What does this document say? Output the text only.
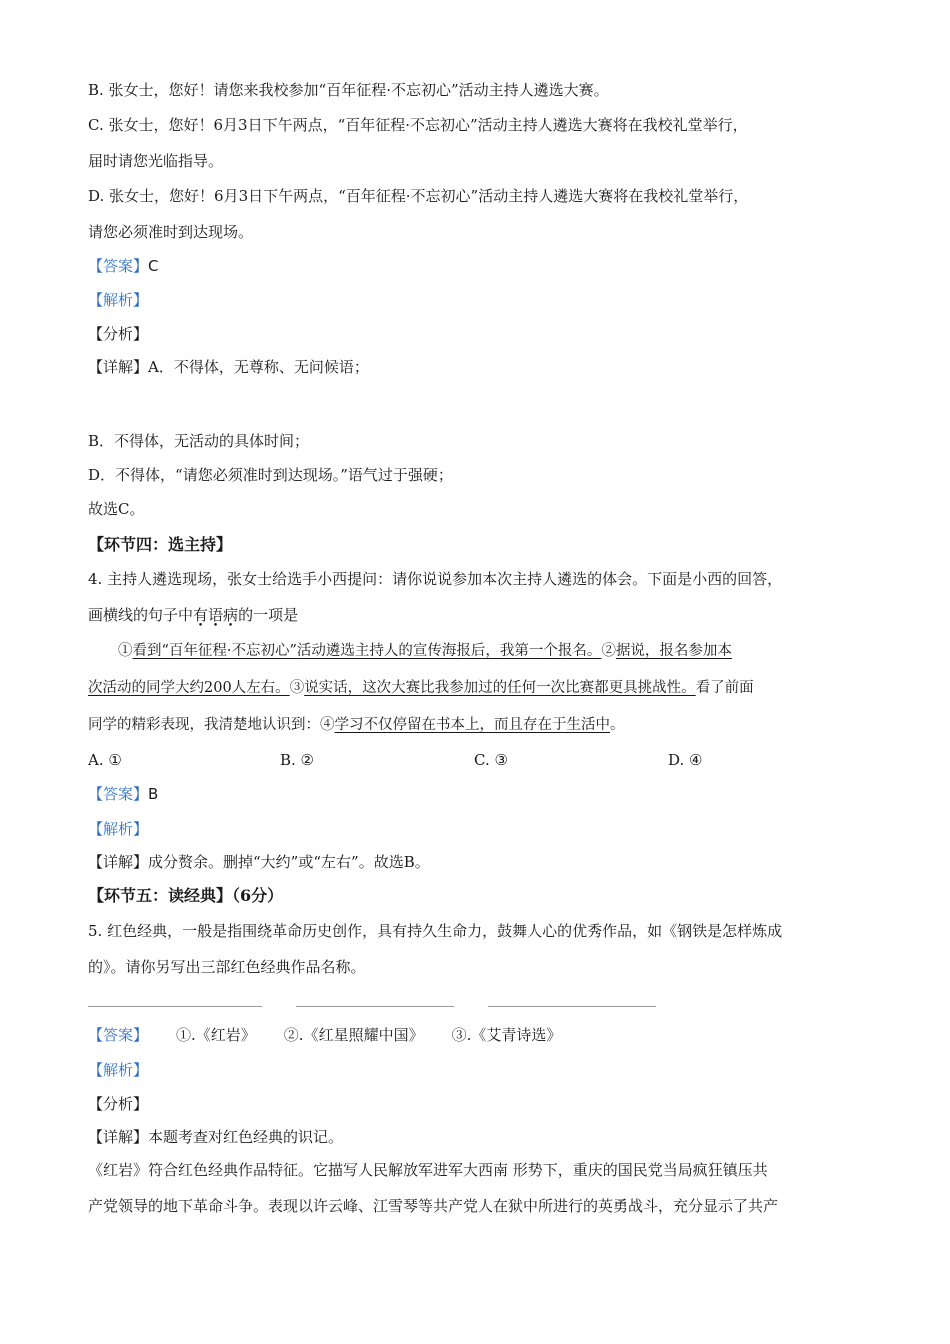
B. 张女士，您好！请您来我校参加“百年征程·不忘初心”活动主持人遴选大赛。
C. 张女士，您好！6月3日下午两点，“百年征程·不忘初心”活动主持人遴选大赛将在我校礼堂举行，
届时请您光临指导。
D. 张女士，您好！6月3日下午两点，“百年征程·不忘初心”活动主持人遴选大赛将在我校礼堂举行，
请您必须准时到达现场。
【答案】C
【解析】
【分析】
【详解】A．不得体，无尊称、无问候语；
B．不得体，无活动的具体时间；
D．不得体，“请您必须准时到达现场。”语气过于强硬；
故选C。
【环节四：选主持】
4. 主持人遴选现场，张女士给选手小西提问：请你说说参加本次主持人遴选的体会。下面是小西的回答，
画横线的句子中有语病的一项是
①看到“百年征程·不忘初心”活动遴选主持人的宣传海报后，我第一个报名。②据说，报名参加本
次活动的同学大约200人左右。③说实话，这次大赛比我参加过的任何一次比赛都更具挑战性。看了前面
同学的精彩表现，我清楚地认识到：④学习不仅停留在书本上，而且存在于生活中。
A. ①	B. ②	C. ③	D. ④
【答案】B
【解析】
【详解】成分赘余。删掉“大约”或“左右”。故选B。
【环节五：读经典】（6分）
5. 红色经典，一般是指围绕革命历史创作，具有持久生命力，鼓舞人心的优秀作品，如《钢铁是怎样炼成
的》。请你另写出三部红色经典作品名称。
【答案】 ①.《红岩》 ②.《红星照耀中国》 ③.《艾青诗选》
【解析】
【分析】
【详解】本题考查对红色经典的识记。
《红岩》符合红色经典作品特征。它描写人民解放军进军大西南 形势下，重庆的国民党当局疯狂镇压共
产党领导的地下革命斗争。表现以许云峰、江雪琴等共产党人在狱中所进行的英勇战斗，充分显示了共产
